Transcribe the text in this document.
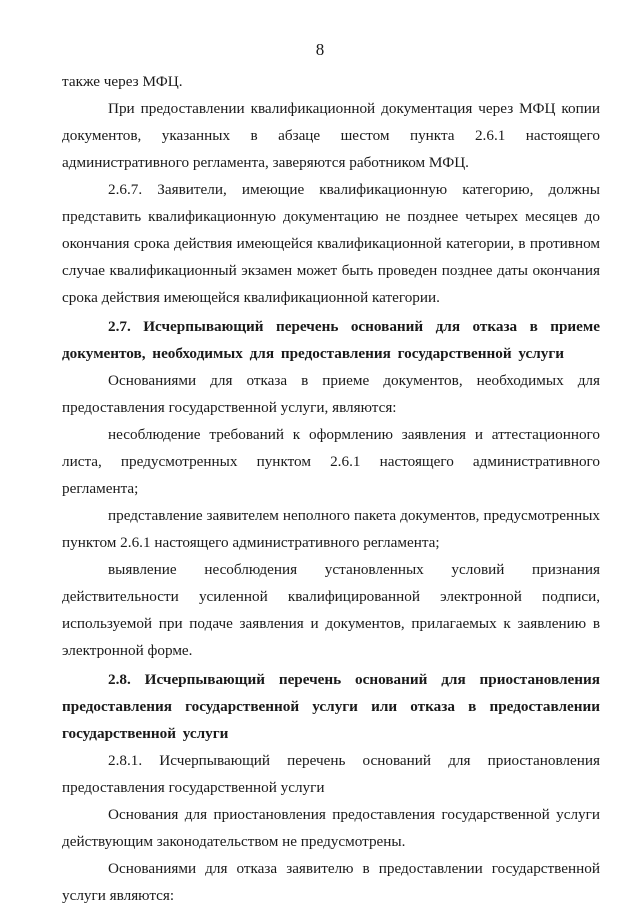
8

также через МФЦ.

При предоставлении квалификационной документация через МФЦ копии документов, указанных в абзаце шестом пункта 2.6.1 настоящего административного регламента, заверяются работником МФЦ.

2.6.7. Заявители, имеющие квалификационную категорию, должны представить квалификационную документацию не позднее четырех месяцев до окончания срока действия имеющейся квалификационной категории, в противном случае квалификационный экзамен может быть проведен позднее даты окончания срока действия имеющейся квалификационной категории.

2.7. Исчерпывающий перечень оснований для отказа в приеме документов, необходимых для предоставления государственной услуги

Основаниями для отказа в приеме документов, необходимых для предоставления государственной услуги, являются:

несоблюдение требований к оформлению заявления и аттестационного листа, предусмотренных пунктом 2.6.1 настоящего административного регламента;

представление заявителем неполного пакета документов, предусмотренных пунктом 2.6.1 настоящего административного регламента;

выявление несоблюдения установленных условий признания действительности усиленной квалифицированной электронной подписи, используемой при подаче заявления и документов, прилагаемых к заявлению в электронной форме.

2.8. Исчерпывающий перечень оснований для приостановления предоставления государственной услуги или отказа в предоставлении государственной услуги

2.8.1. Исчерпывающий перечень оснований для приостановления предоставления государственной услуги

Основания для приостановления предоставления государственной услуги действующим законодательством не предусмотрены.

Основаниями для отказа заявителю в предоставлении государственной услуги являются:
